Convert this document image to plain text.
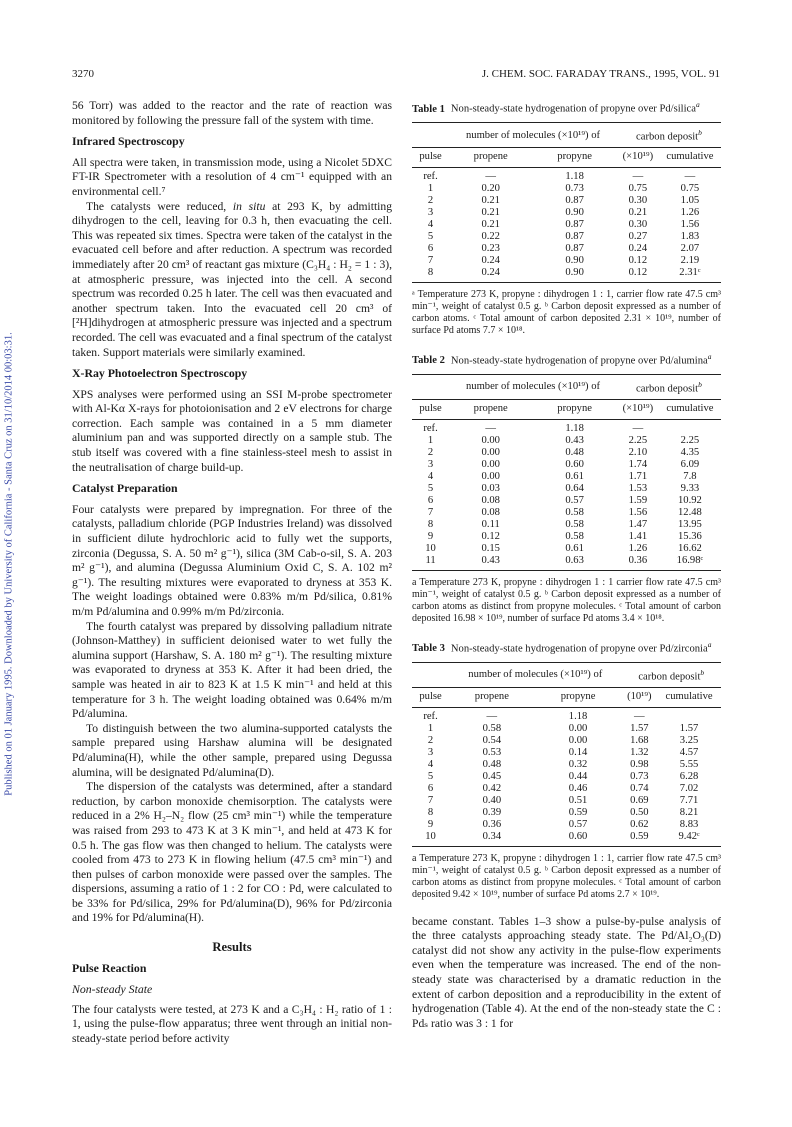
Published on 01 January 1995. Downloaded by University of California - Santa Cruz on 31/10/2014 00:03:31.
3270	J. CHEM. SOC. FARADAY TRANS., 1995, VOL. 91

56 Torr) was added to the reactor and the rate of reaction was monitored by following the pressure fall of the system with time.

Infrared Spectroscopy

All spectra were taken, in transmission mode, using a Nicolet 5DXC FT-IR Spectrometer with a resolution of 4 cm⁻¹ equipped with an environmental cell.⁷

The catalysts were reduced, in situ at 293 K, by admitting dihydrogen to the cell, leaving for 0.3 h, then evacuating the cell. This was repeated six times. Spectra were taken of the catalyst in the evacuated cell before and after reduction. A spectrum was recorded immediately after 20 cm³ of reactant gas mixture (C₃H₄ : H₂ = 1 : 3), at atmospheric pressure, was injected into the cell. A second spectrum was recorded 0.25 h later. The cell was then evacuated and another spectrum taken. Into the evacuated cell 20 cm³ of [²H]dihydrogen at atmospheric pressure was injected and a spectrum recorded. The cell was evacuated and a final spectrum of the catalyst taken. Support materials were similarly examined.

X-Ray Photoelectron Spectroscopy

XPS analyses were performed using an SSI M-probe spectrometer with Al-Kα X-rays for photoionisation and 2 eV electrons for charge correction. Each sample was contained in a 5 mm diameter aluminium pan and was supported directly on a sample stub. The stub itself was covered with a fine stainless-steel mesh to assist in the neutralisation of charge build-up.

Catalyst Preparation

Four catalysts were prepared by impregnation. For three of the catalysts, palladium chloride (PGP Industries Ireland) was dissolved in sufficient dilute hydrochloric acid to fully wet the supports, zirconia (Degussa, S. A. 50 m² g⁻¹), silica (3M Cab-o-sil, S. A. 203 m² g⁻¹), and alumina (Degussa Aluminium Oxid C, S. A. 102 m² g⁻¹). The resulting mixtures were evaporated to dryness at 353 K. The weight loadings obtained were 0.83% m/m Pd/silica, 0.81% m/m Pd/alumina and 0.99% m/m Pd/zirconia.

The fourth catalyst was prepared by dissolving palladium nitrate (Johnson-Matthey) in sufficient deionised water to wet fully the alumina support (Harshaw, S. A. 180 m² g⁻¹). The resulting mixture was evaporated to dryness at 353 K. After it had been dried, the sample was heated in air to 823 K at 1.5 K min⁻¹ and held at this temperature for 3 h. The weight loading obtained was 0.64% m/m Pd/alumina.

To distinguish between the two alumina-supported catalysts the sample prepared using Harshaw alumina will be designated Pd/alumina(H), while the other sample, prepared using Degussa alumina, will be designated Pd/alumina(D).

The dispersion of the catalysts was determined, after a standard reduction, by carbon monoxide chemisorption. The catalysts were reduced in a 2% H₂–N₂ flow (25 cm³ min⁻¹) while the temperature was raised from 293 to 473 K at 3 K min⁻¹, and held at 473 K for 0.5 h. The gas flow was then changed to helium. The catalysts were cooled from 473 to 273 K in flowing helium (47.5 cm³ min⁻¹) and then pulses of carbon monoxide were passed over the samples. The dispersions, assuming a ratio of 1 : 2 for CO : Pd, were calculated to be 33% for Pd/silica, 29% for Pd/alumina(D), 96% for Pd/zirconia and 19% for Pd/alumina(H).

Results
Pulse Reaction
Non-steady State

The four catalysts were tested, at 273 K and a C₃H₄ : H₂ ratio of 1 : 1, using the pulse-flow apparatus; three went through an initial non-steady-state period before activity

Table 1 Non-steady-state hydrogenation of propyne over Pd/silica$^a$
	number of molecules (×10¹⁹) of		carbon deposit$^b$
pulse	propene	propyne	(×10¹⁹)	cumulative
ref.	—	1.18	—	—
1	0.20	0.73	0.75	0.75
2	0.21	0.87	0.30	1.05
3	0.21	0.90	0.21	1.26
4	0.21	0.87	0.30	1.56
5	0.22	0.87	0.27	1.83
6	0.23	0.87	0.24	2.07
7	0.24	0.90	0.12	2.19
8	0.24	0.90	0.12	2.31ᶜ
ᵃ Temperature 273 K, propyne : dihydrogen 1 : 1, carrier flow rate 47.5 cm³ min⁻¹, weight of catalyst 0.5 g. ᵇ Carbon deposit expressed as a number of carbon atoms. ᶜ Total amount of carbon deposited 2.31 × 10¹⁹, number of surface Pd atoms 7.7 × 10¹⁸.
Table 2 Non-steady-state hydrogenation of propyne over Pd/alumina$^a$
	number of molecules (×10¹⁹) of		carbon deposit$^b$
pulse	propene	propyne	(×10¹⁹)	cumulative
ref.	—	1.18	—	
1	0.00	0.43	2.25	2.25
2	0.00	0.48	2.10	4.35
3	0.00	0.60	1.74	6.09
4	0.00	0.61	1.71	7.8
5	0.03	0.64	1.53	9.33
6	0.08	0.57	1.59	10.92
7	0.08	0.58	1.56	12.48
8	0.11	0.58	1.47	13.95
9	0.12	0.58	1.41	15.36
10	0.15	0.61	1.26	16.62
11	0.43	0.63	0.36	16.98ᶜ
a Temperature 273 K, propyne : dihydrogen 1 : 1 carrier flow rate 47.5 cm³ min⁻¹, weight of catalyst 0.5 g. ᵇ Carbon deposit expressed as a number of carbon atoms as distinct from propyne molecules. ᶜ Total amount of carbon deposited 16.98 × 10¹⁹, number of surface Pd atoms 3.4 × 10¹⁸.
Table 3 Non-steady-state hydrogenation of propyne over Pd/zirconia$^a$
	number of molecules (×10¹⁹) of		carbon deposit$^b$
pulse	propene	propyne	(10¹⁹)	cumulative
ref.	—	1.18	—	
1	0.58	0.00	1.57	1.57
2	0.54	0.00	1.68	3.25
3	0.53	0.14	1.32	4.57
4	0.48	0.32	0.98	5.55
5	0.45	0.44	0.73	6.28
6	0.42	0.46	0.74	7.02
7	0.40	0.51	0.69	7.71
8	0.39	0.59	0.50	8.21
9	0.36	0.57	0.62	8.83
10	0.34	0.60	0.59	9.42ᶜ
a Temperature 273 K, propyne : dihydrogen 1 : 1, carrier flow rate 47.5 cm³ min⁻¹, weight of catalyst 0.5 g. ᵇ Carbon deposit expressed as a number of carbon atoms as distinct from propyne molecules. ᶜ Total amount of carbon deposited 9.42 × 10¹⁹, number of surface Pd atoms 2.7 × 10¹⁹.

became constant. Tables 1–3 show a pulse-by-pulse analysis of the three catalysts approaching steady state. The Pd/Al₂O₃(D) catalyst did not show any activity in the pulse-flow experiments even when the temperature was increased. The end of the non-steady state was characterised by a dramatic reduction in the extent of carbon deposition and a reproducibility in the extent of hydrogenation (Table 4). At the end of the non-steady state the C : Pdₛ ratio was 3 : 1 for
